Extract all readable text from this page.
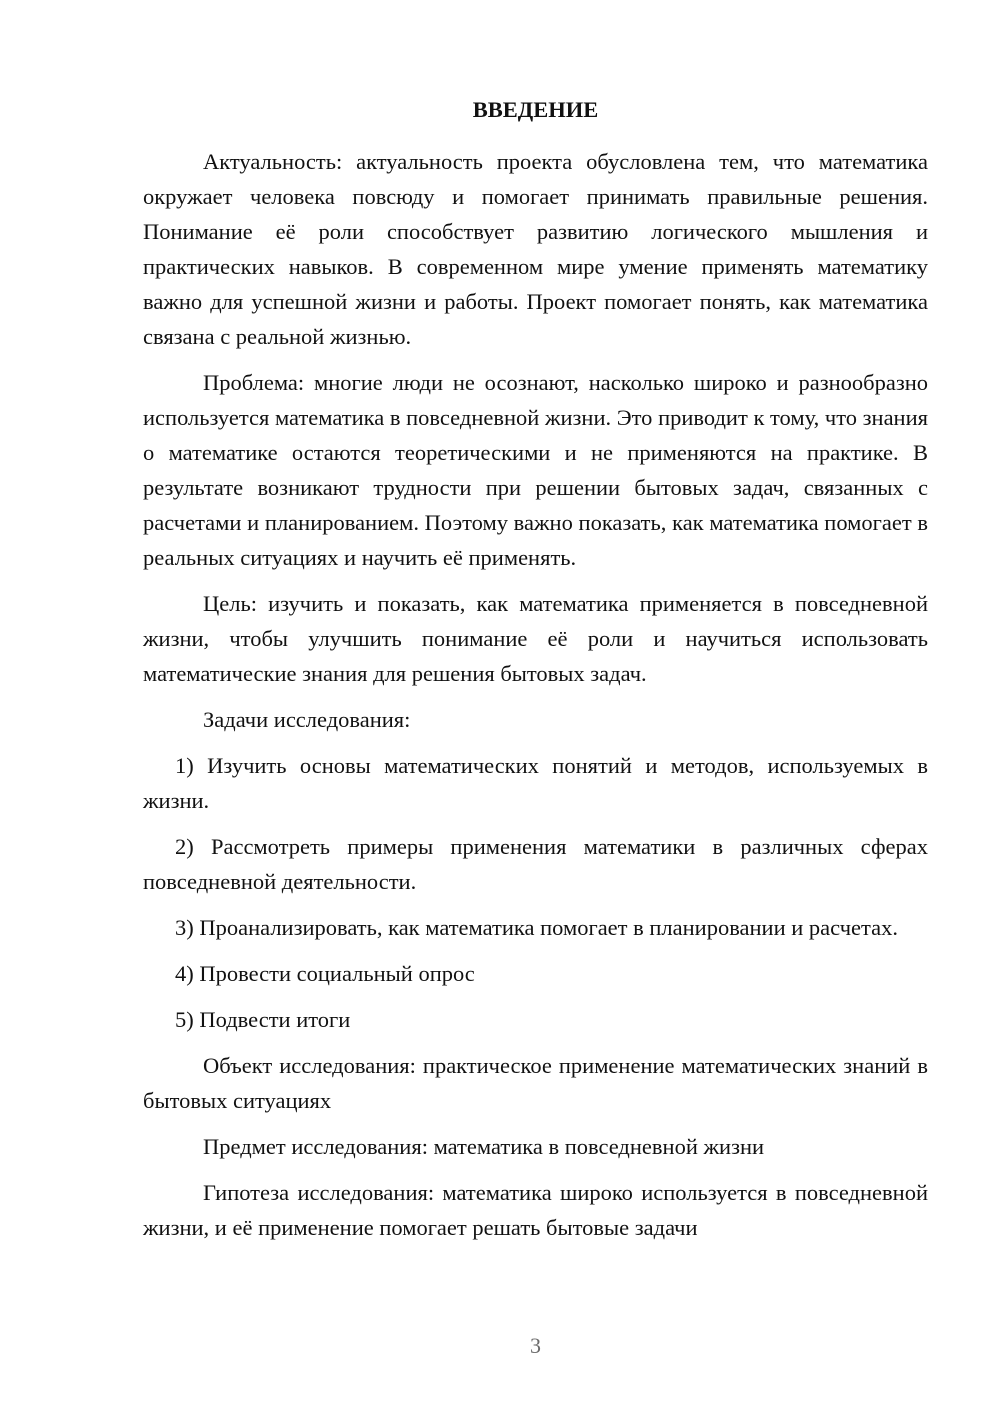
ВВЕДЕНИЕ

Актуальность: актуальность проекта обусловлена тем, что математика окружает человека повсюду и помогает принимать правильные решения. Понимание её роли способствует развитию логического мышления и практических навыков. В современном мире умение применять математику важно для успешной жизни и работы. Проект помогает понять, как математика связана с реальной жизнью.

Проблема: многие люди не осознают, насколько широко и разнообразно используется математика в повседневной жизни. Это приводит к тому, что знания о математике остаются теоретическими и не применяются на практике. В результате возникают трудности при решении бытовых задач, связанных с расчетами и планированием. Поэтому важно показать, как математика помогает в реальных ситуациях и научить её применять.

Цель: изучить и показать, как математика применяется в повседневной жизни, чтобы улучшить понимание её роли и научиться использовать математические знания для решения бытовых задач.

Задачи исследования:

1) Изучить основы математических понятий и методов, используемых в жизни.

2) Рассмотреть примеры применения математики в различных сферах повседневной деятельности.

3) Проанализировать, как математика помогает в планировании и расчетах.

4) Провести социальный опрос

5) Подвести итоги

Объект исследования: практическое применение математических знаний в бытовых ситуациях

Предмет исследования: математика в повседневной жизни

Гипотеза исследования: математика широко используется в повседневной жизни, и её применение помогает решать бытовые задачи

3
